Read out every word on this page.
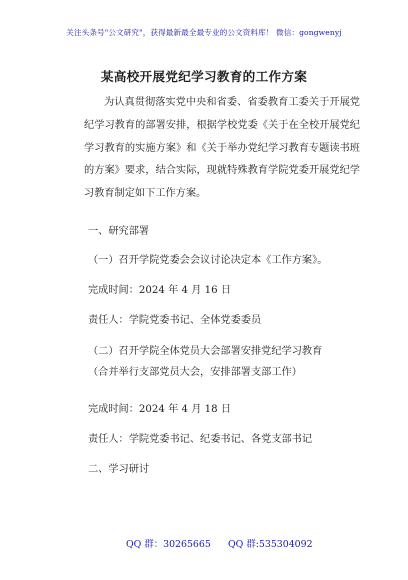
关注头条号"公文研究"，获得最新最全最专业的公文资料库！ 微信：gongwenyj
某高校开展党纪学习教育的工作方案
为认真贯彻落实党中央和省委、省委教育工委关于开展党纪学习教育的部署安排，根据学校党委《关于在全校开展党纪学习教育的实施方案》和《关于举办党纪学习教育专题读书班的方案》要求，结合实际，现就特殊教育学院党委开展党纪学习教育制定如下工作方案。
一、研究部署
（一）召开学院党委会会议讨论决定本《工作方案》。
完成时间：2024 年 4 月 16 日
责任人：学院党委书记、全体党委委员
（二）召开学院全体党员大会部署安排党纪学习教育
（合并举行支部党员大会，安排部署支部工作）
完成时间：2024 年 4 月 18 日
责任人：学院党委书记、纪委书记、各党支部书记
二、学习研讨
QQ 群：30265665 QQ 群:535304092
